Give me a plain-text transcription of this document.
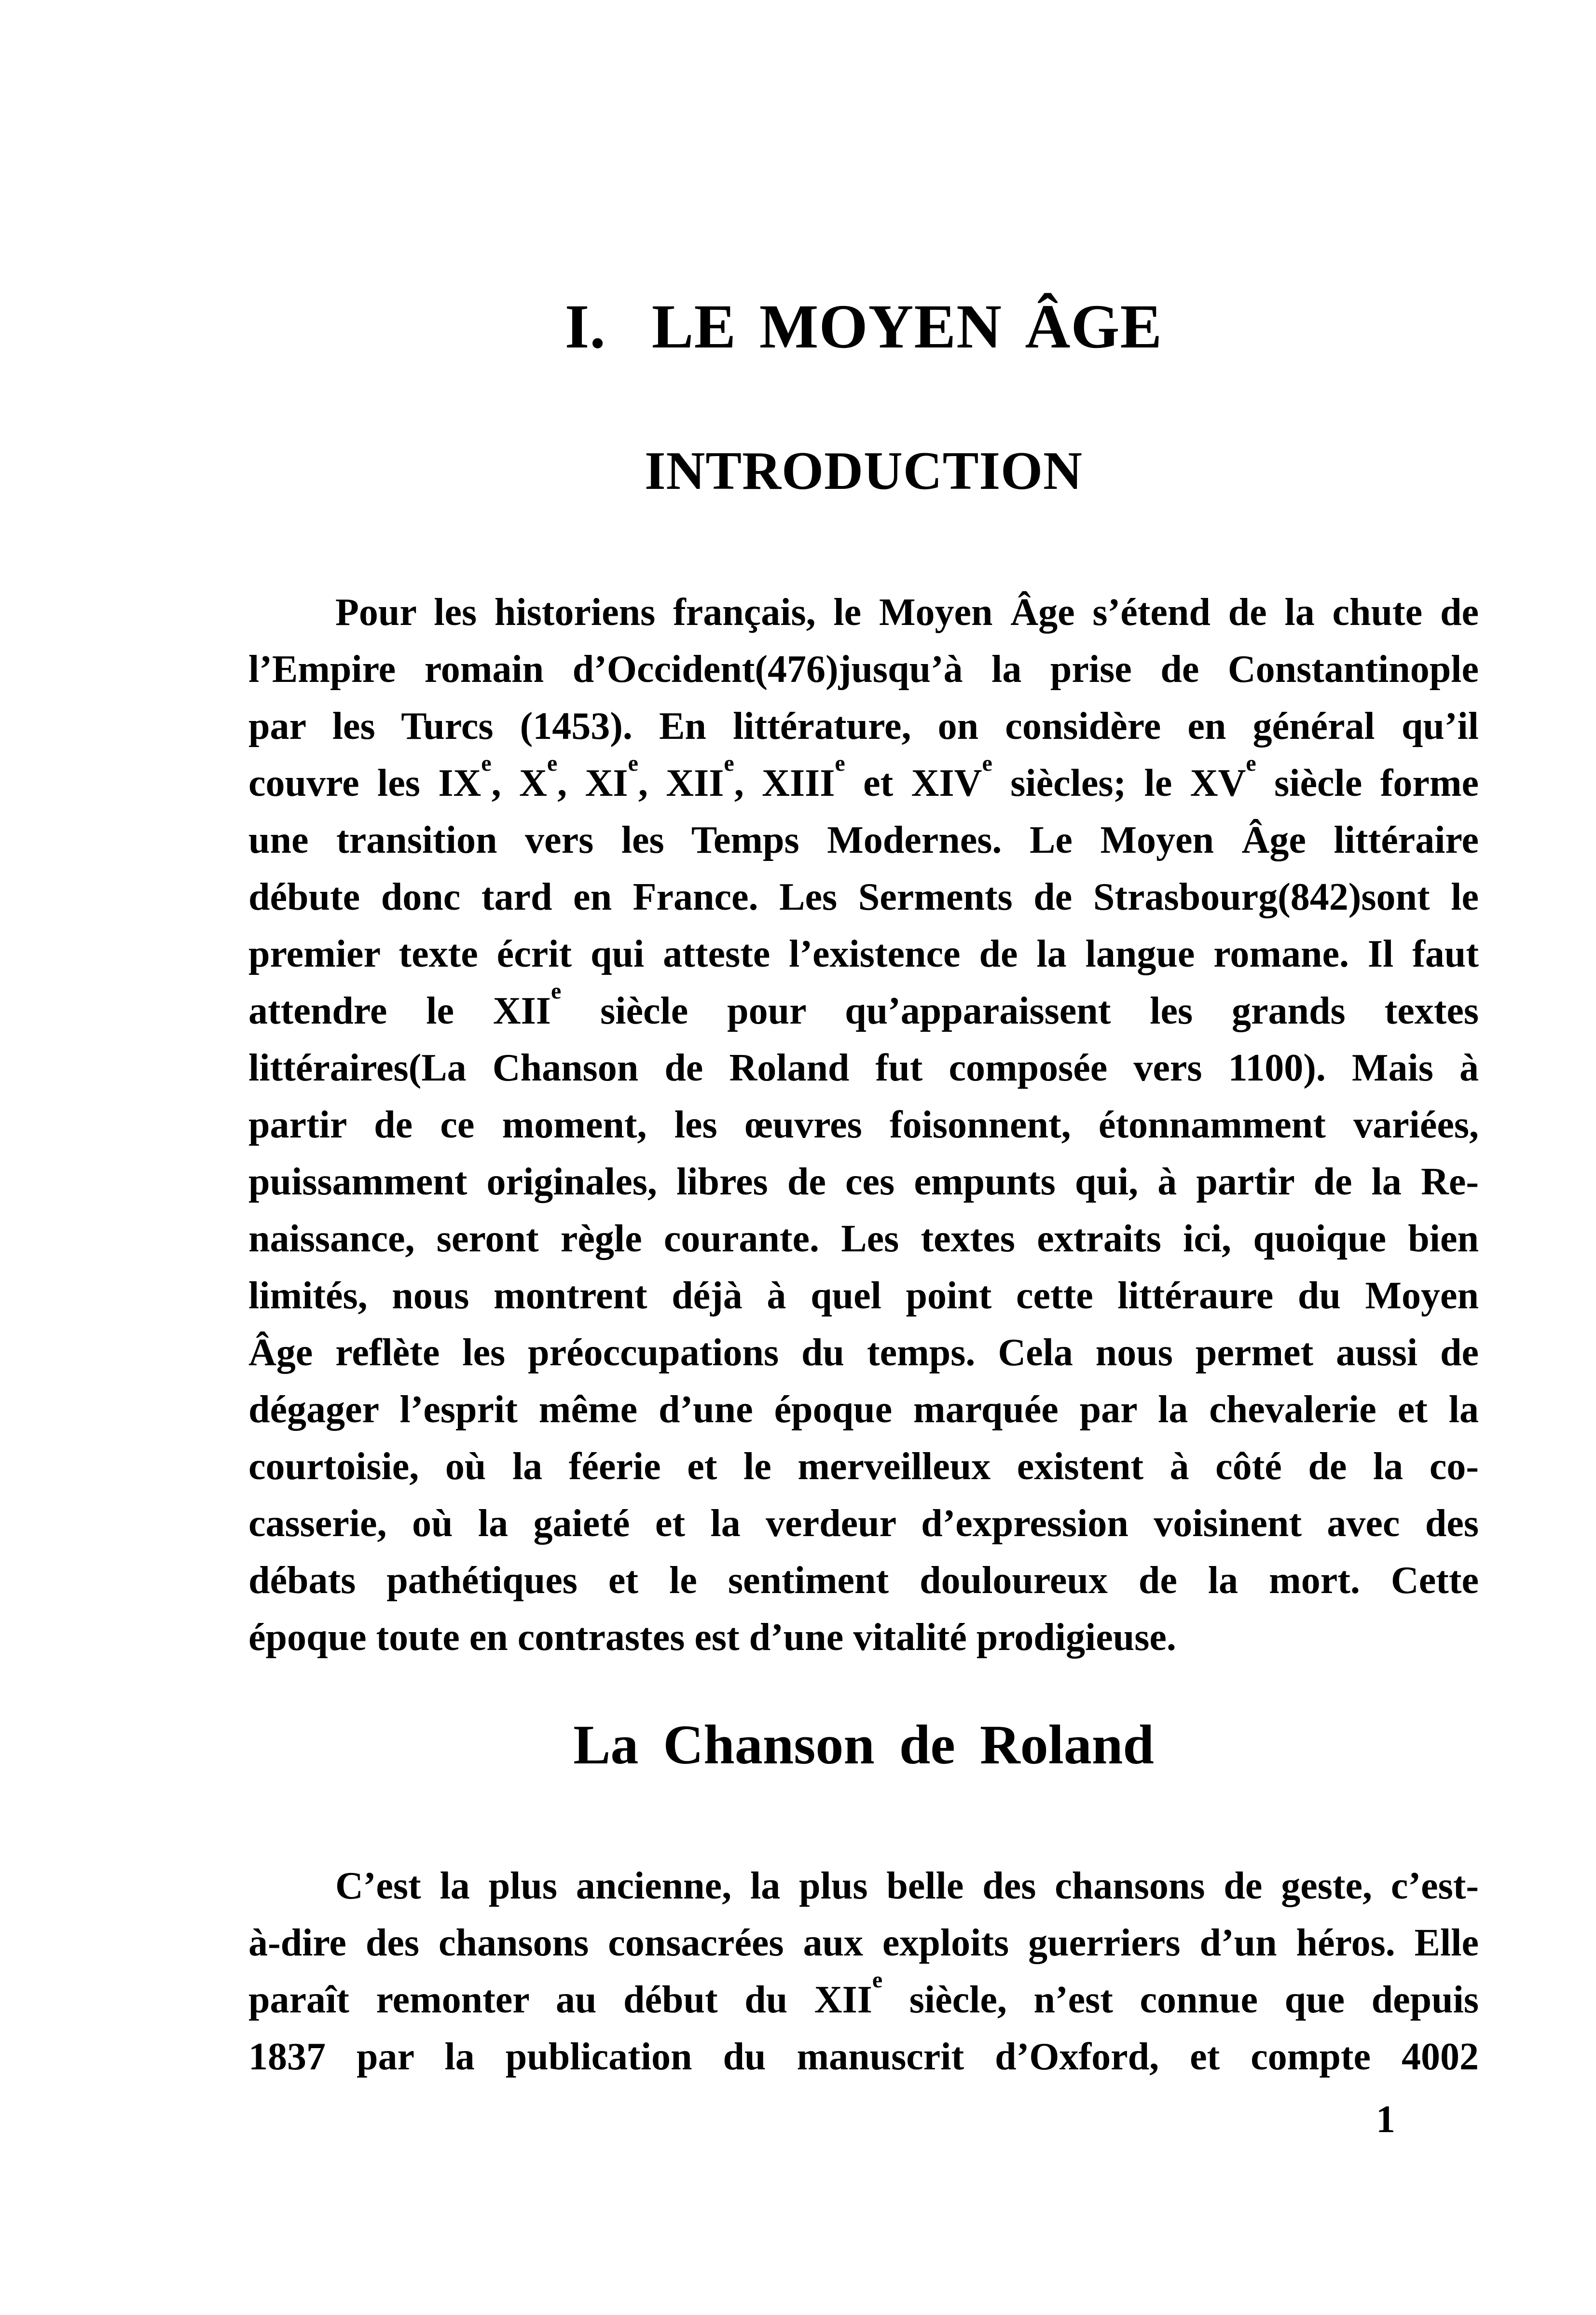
I.  LE MOYEN ÂGE
INTRODUCTION
Pour les historiens français, le Moyen Âge s’étend de la chute de
l’Empire romain d’Occident(476)jusqu’à la prise de Constantinople
par les Turcs (1453). En littérature, on considère en général qu’il
couvre les IXe, Xe, XIe, XIIe, XIIIe et XIVe siècles; le XVe siècle forme
une transition vers les Temps Modernes. Le Moyen Âge littéraire
débute donc tard en France. Les Serments de Strasbourg(842)sont le
premier texte écrit qui atteste l’existence de la langue romane. Il faut
attendre le XIIe siècle pour qu’apparaissent les grands textes
littéraires(La Chanson de Roland fut composée vers 1100). Mais à
partir de ce moment, les œuvres foisonnent, étonnamment variées,
puissamment originales, libres de ces empunts qui, à partir de la Re-
naissance, seront règle courante. Les textes extraits ici, quoique bien
limités, nous montrent déjà à quel point cette littéraure du Moyen
Âge reflète les préoccupations du temps. Cela nous permet aussi de
dégager l’esprit même d’une époque marquée par la chevalerie et la
courtoisie, où la féerie et le merveilleux existent à côté de la co-
casserie, où la gaieté et la verdeur d’expression voisinent avec des
débats pathétiques et le sentiment douloureux de la mort. Cette
époque toute en contrastes est d’une vitalité prodigieuse.
La Chanson de Roland
C’est la plus ancienne, la plus belle des chansons de geste, c’est-
à-dire des chansons consacrées aux exploits guerriers d’un héros. Elle
paraît remonter au début du XIIe siècle, n’est connue que depuis
1837 par la publication du manuscrit d’Oxford, et compte 4002
1
